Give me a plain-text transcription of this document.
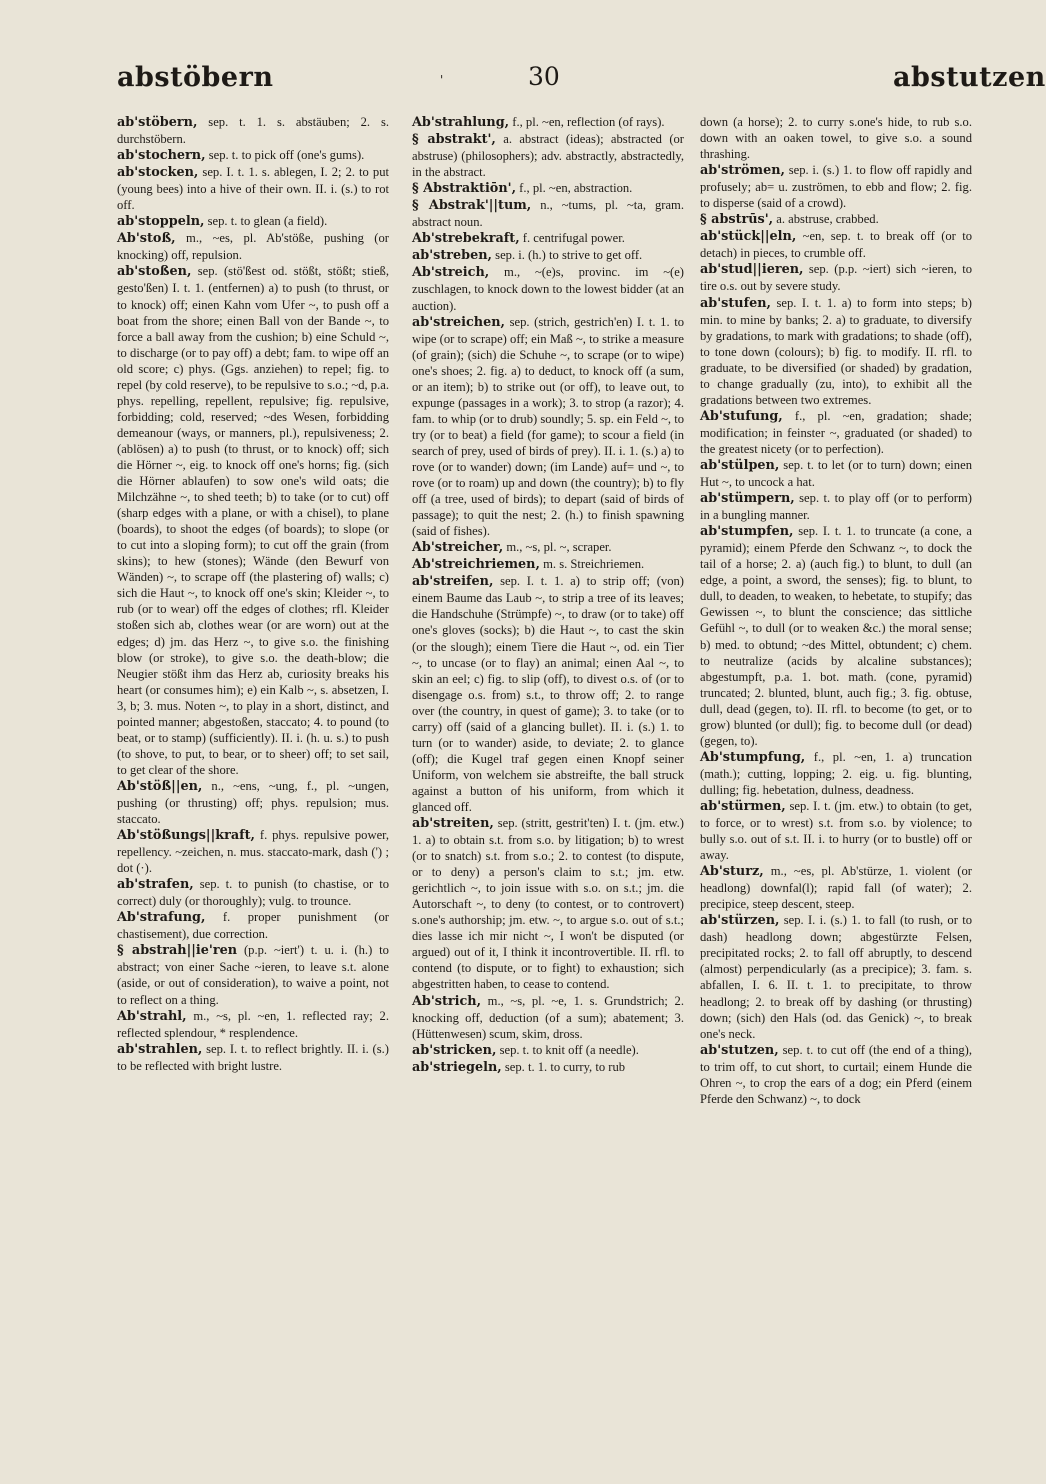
abstöbern	'	30	abstutzen

ab'stöbern, sep. t. 1. s. abstäuben; 2. s. durchstöbern.

ab'stochern, sep. t. to pick off (one's gums).

ab'stocken, sep. I. t. 1. s. ablegen, I. 2; 2. to put (young bees) into a hive of their own. II. i. (s.) to rot off.

ab'stoppeln, sep. t. to glean (a field).

Ab'stoß, m., ~es, pl. Ab'stöße, pushing (or knocking) off, repulsion.

ab'stoßen, sep. (stö'ßest od. stößt, stößt; stieß, gesto'ßen) I. t. 1. (entfernen) a) to push (to thrust, or to knock) off; einen Kahn vom Ufer ~, to push off a boat from the shore; einen Ball von der Bande ~, to force a ball away from the cushion; b) eine Schuld ~, to discharge (or to pay off) a debt; fam. to wipe off an old score; c) phys. (Ggs. anziehen) to repel; fig. to repel (by cold reserve), to be repulsive to s.o.; ~d, p.a. phys. repelling, repellent, repulsive; fig. repulsive, forbidding; cold, reserved; ~des Wesen, forbidding demeanour (ways, or manners, pl.), repulsiveness; 2. (ablösen) a) to push (to thrust, or to knock) off; sich die Hörner ~, eig. to knock off one's horns; fig. (sich die Hörner ablaufen) to sow one's wild oats; die Milchzähne ~, to shed teeth; b) to take (or to cut) off (sharp edges with a plane, or with a chisel), to plane (boards), to shoot the edges (of boards); to slope (or to cut into a sloping form); to cut off the grain (from skins); to hew (stones); Wände (den Bewurf von Wänden) ~, to scrape off (the plastering of) walls; c) sich die Haut ~, to knock off one's skin; Kleider ~, to rub (or to wear) off the edges of clothes; rfl. Kleider stoßen sich ab, clothes wear (or are worn) out at the edges; d) jm. das Herz ~, to give s.o. the finishing blow (or stroke), to give s.o. the death-blow; die Neugier stößt ihm das Herz ab, curiosity breaks his heart (or consumes him); e) ein Kalb ~, s. absetzen, I. 3, b; 3. mus. Noten ~, to play in a short, distinct, and pointed manner; abgestoßen, staccato; 4. to pound (to beat, or to stamp) (sufficiently). II. i. (h. u. s.) to push (to shove, to put, to bear, or to sheer) off; to set sail, to get clear of the shore.

Ab'stöß||en, n., ~ens, ~ung, f., pl. ~ungen, pushing (or thrusting) off; phys. repulsion; mus. staccato.

Ab'stößungs||kraft, f. phys. repulsive power, repellency. ~zeichen, n. mus. staccato-mark, dash (') ; dot (·).

ab'strafen, sep. t. to punish (to chastise, or to correct) duly (or thoroughly); vulg. to trounce.

Ab'strafung, f. proper punishment (or chastisement), due correction.

§ abstrah||ie'ren (p.p. ~iert') t. u. i. (h.) to abstract; von einer Sache ~ieren, to leave s.t. alone (aside, or out of consideration), to waive a point, not to reflect on a thing.

Ab'strahl, m., ~s, pl. ~en, 1. reflected ray; 2. reflected splendour, * resplendence.

ab'strahlen, sep. I. t. to reflect brightly. II. i. (s.) to be reflected with bright lustre.

Ab'strahlung, f., pl. ~en, reflection (of rays).

§ abstrakt', a. abstract (ideas); abstracted (or abstruse) (philosophers); adv. abstractly, abstractedly, in the abstract.

§ Abstraktiōn', f., pl. ~en, abstraction.

§ Abstrak'||tum, n., ~tums, pl. ~ta, gram. abstract noun.

Ab'strebekraft, f. centrifugal power.

ab'streben, sep. i. (h.) to strive to get off.

Ab'streich, m., ~(e)s, provinc. im ~(e) zuschlagen, to knock down to the lowest bidder (at an auction).

ab'streichen, sep. (strich, gestrich'en) I. t. 1. to wipe (or to scrape) off; ein Maß ~, to strike a measure (of grain); (sich) die Schuhe ~, to scrape (or to wipe) one's shoes; 2. fig. a) to deduct, to knock off (a sum, or an item); b) to strike out (or off), to leave out, to expunge (passages in a work); 3. to strop (a razor); 4. fam. to whip (or to drub) soundly; 5. sp. ein Feld ~, to try (or to beat) a field (for game); to scour a field (in search of prey, used of birds of prey). II. i. 1. (s.) a) to rove (or to wander) down; (im Lande) auf= und ~, to rove (or to roam) up and down (the country); b) to fly off (a tree, used of birds); to depart (said of birds of passage); to quit the nest; 2. (h.) to finish spawning (said of fishes).

Ab'streicher, m., ~s, pl. ~, scraper.

Ab'streichriemen, m. s. Streichriemen.

ab'streifen, sep. I. t. 1. a) to strip off; (von) einem Baume das Laub ~, to strip a tree of its leaves; die Handschuhe (Strümpfe) ~, to draw (or to take) off one's gloves (socks); b) die Haut ~, to cast the skin (or the slough); einem Tiere die Haut ~, od. ein Tier ~, to uncase (or to flay) an animal; einen Aal ~, to skin an eel; c) fig. to slip (off), to divest o.s. of (or to disengage o.s. from) s.t., to throw off; 2. to range over (the country, in quest of game); 3. to take (or to carry) off (said of a glancing bullet). II. i. (s.) 1. to turn (or to wander) aside, to deviate; 2. to glance (off); die Kugel traf gegen einen Knopf seiner Uniform, von welchem sie abstreifte, the ball struck against a button of his uniform, from which it glanced off.

ab'streiten, sep. (stritt, gestrit'ten) I. t. (jm. etw.) 1. a) to obtain s.t. from s.o. by litigation; b) to wrest (or to snatch) s.t. from s.o.; 2. to contest (to dispute, or to deny) a person's claim to s.t.; jm. etw. gerichtlich ~, to join issue with s.o. on s.t.; jm. die Autorschaft ~, to deny (to contest, or to controvert) s.one's authorship; jm. etw. ~, to argue s.o. out of s.t.; dies lasse ich mir nicht ~, I won't be disputed (or argued) out of it, I think it incontrovertible. II. rfl. to contend (to dispute, or to fight) to exhaustion; sich abgestritten haben, to cease to contend.

Ab'strich, m., ~s, pl. ~e, 1. s. Grundstrich; 2. knocking off, deduction (of a sum); abatement; 3. (Hüttenwesen) scum, skim, dross.

ab'stricken, sep. t. to knit off (a needle).

ab'striegeln, sep. t. 1. to curry, to rub

down (a horse); 2. to curry s.one's hide, to rub s.o. down with an oaken towel, to give s.o. a sound thrashing.

ab'strömen, sep. i. (s.) 1. to flow off rapidly and profusely; ab= u. zuströmen, to ebb and flow; 2. fig. to disperse (said of a crowd).

§ abstrūs', a. abstruse, crabbed.

ab'stück||eln, ~en, sep. t. to break off (or to detach) in pieces, to crumble off.

ab'stud||ieren, sep. (p.p. ~iert) sich ~ieren, to tire o.s. out by severe study.

ab'stufen, sep. I. t. 1. a) to form into steps; b) min. to mine by banks; 2. a) to graduate, to diversify by gradations, to mark with gradations; to shade (off), to tone down (colours); b) fig. to modify. II. rfl. to graduate, to be diversified (or shaded) by gradation, to change gradually (zu, into), to exhibit all the gradations between two extremes.

Ab'stufung, f., pl. ~en, gradation; shade; modification; in feinster ~, graduated (or shaded) to the greatest nicety (or to perfection).

ab'stülpen, sep. t. to let (or to turn) down; einen Hut ~, to uncock a hat.

ab'stümpern, sep. t. to play off (or to perform) in a bungling manner.

ab'stumpfen, sep. I. t. 1. to truncate (a cone, a pyramid); einem Pferde den Schwanz ~, to dock the tail of a horse; 2. a) (auch fig.) to blunt, to dull (an edge, a point, a sword, the senses); fig. to blunt, to dull, to deaden, to weaken, to hebetate, to stupify; das Gewissen ~, to blunt the conscience; das sittliche Gefühl ~, to dull (or to weaken &c.) the moral sense; b) med. to obtund; ~des Mittel, obtundent; c) chem. to neutralize (acids by alcaline substances); abgestumpft, p.a. 1. bot. math. (cone, pyramid) truncated; 2. blunted, blunt, auch fig.; 3. fig. obtuse, dull, dead (gegen, to). II. rfl. to become (to get, or to grow) blunted (or dull); fig. to become dull (or dead) (gegen, to).

Ab'stumpfung, f., pl. ~en, 1. a) truncation (math.); cutting, lopping; 2. eig. u. fig. blunting, dulling; fig. hebetation, dulness, deadness.

ab'stürmen, sep. I. t. (jm. etw.) to obtain (to get, to force, or to wrest) s.t. from s.o. by violence; to bully s.o. out of s.t. II. i. to hurry (or to bustle) off or away.

Ab'sturz, m., ~es, pl. Ab'stürze, 1. violent (or headlong) downfal(l); rapid fall (of water); 2. precipice, steep descent, steep.

ab'stürzen, sep. I. i. (s.) 1. to fall (to rush, or to dash) headlong down; abgestürzte Felsen, precipitated rocks; 2. to fall off abruptly, to descend (almost) perpendicularly (as a precipice); 3. fam. s. abfallen, I. 6. II. t. 1. to precipitate, to throw headlong; 2. to break off by dashing (or thrusting) down; (sich) den Hals (od. das Genick) ~, to break one's neck.

ab'stutzen, sep. t. to cut off (the end of a thing), to trim off, to cut short, to curtail; einem Hunde die Ohren ~, to crop the ears of a dog; ein Pferd (einem Pferde den Schwanz) ~, to dock
